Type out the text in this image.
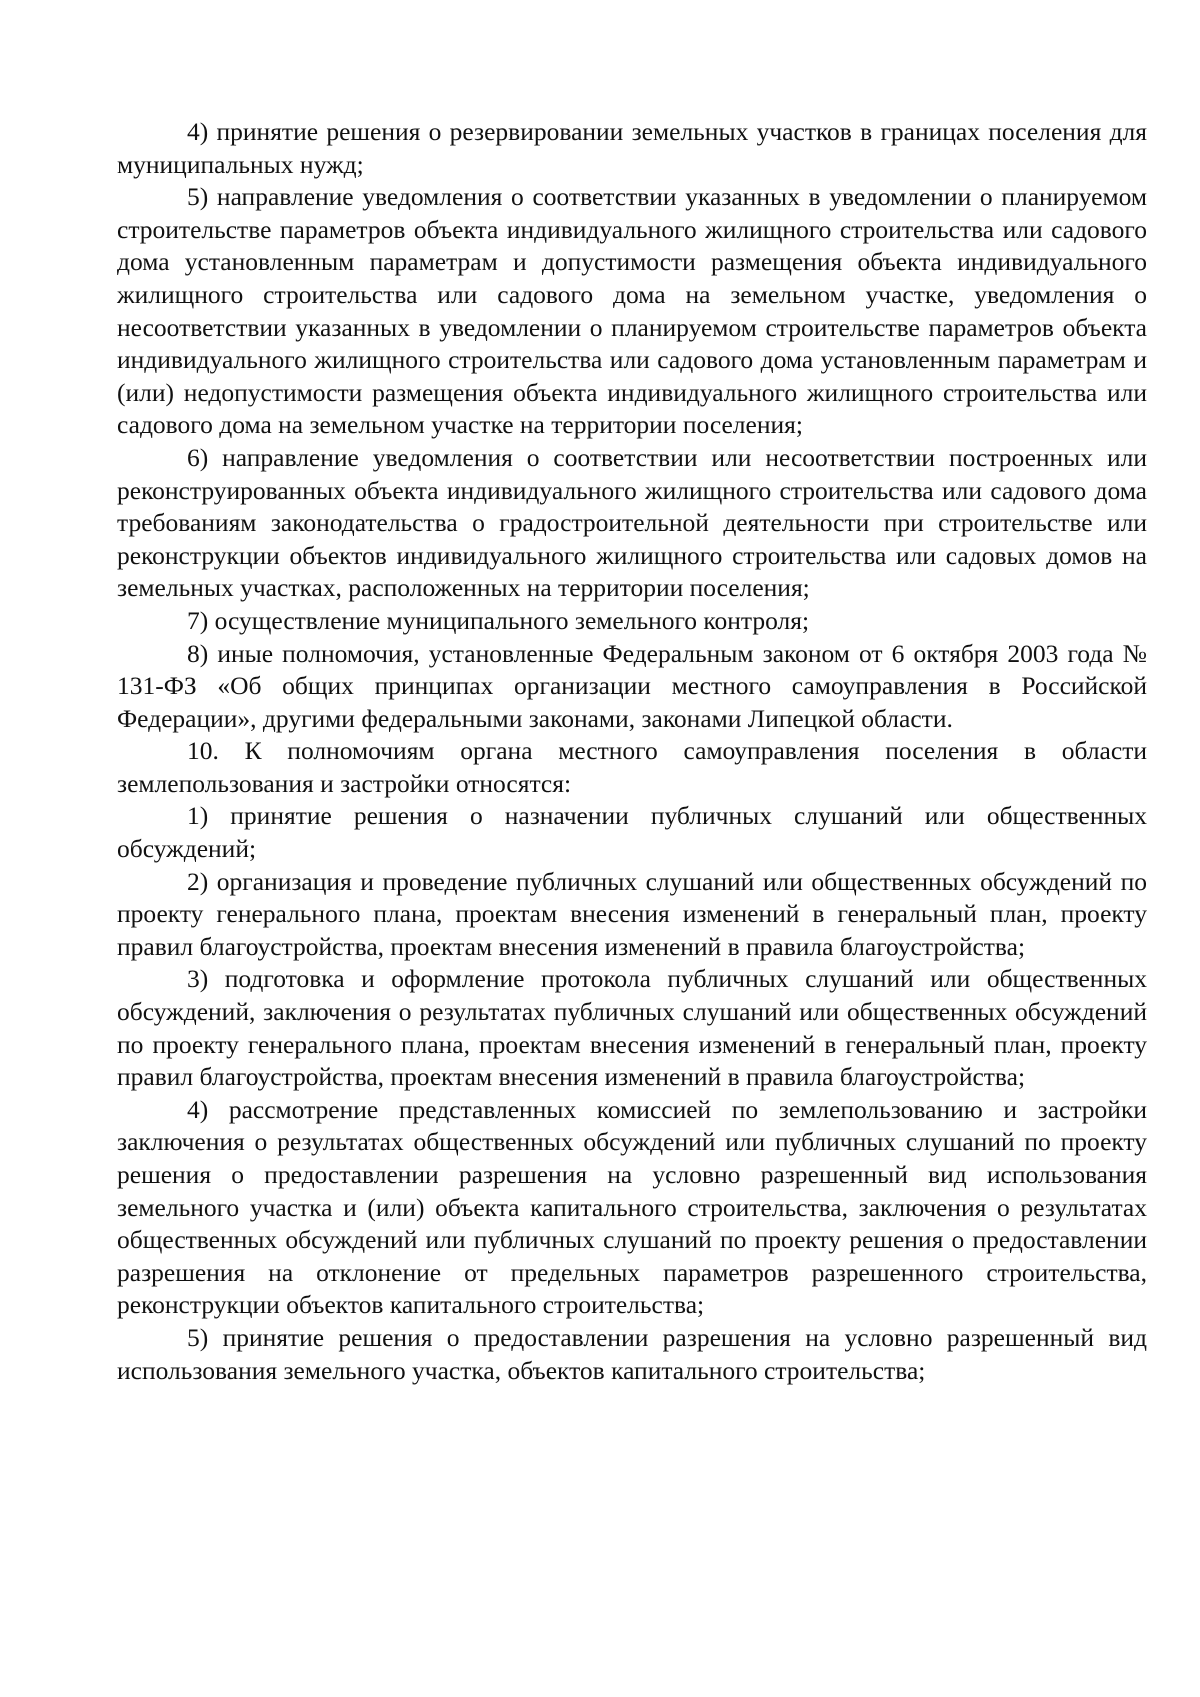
4) принятие решения о резервировании земельных участков в границах поселения для муниципальных нужд;

5) направление уведомления о соответствии указанных в уведомлении о планируемом строительстве параметров объекта индивидуального жилищного строительства или садового дома установленным параметрам и допустимости размещения объекта индивидуального жилищного строительства или садового дома на земельном участке, уведомления о несоответствии указанных в уведомлении о планируемом строительстве параметров объекта индивидуального жилищного строительства или садового дома установленным параметрам и (или) недопустимости размещения объекта индивидуального жилищного строительства или садового дома на земельном участке на территории поселения;

6) направление уведомления о соответствии или несоответствии построенных или реконструированных объекта индивидуального жилищного строительства или садового дома требованиям законодательства о градостроительной деятельности при строительстве или реконструкции объектов индивидуального жилищного строительства или садовых домов на земельных участках, расположенных на территории поселения;

7) осуществление муниципального земельного контроля;

8) иные полномочия, установленные Федеральным законом от 6 октября 2003 года № 131-ФЗ «Об общих принципах организации местного самоуправления в Российской Федерации», другими федеральными законами, законами Липецкой области.

10. К полномочиям органа местного самоуправления поселения в области землепользования и застройки относятся:

1) принятие решения о назначении публичных слушаний или общественных обсуждений;

2) организация и проведение публичных слушаний или общественных обсуждений по проекту генерального плана, проектам внесения изменений в генеральный план, проекту правил благоустройства, проектам внесения изменений в правила благоустройства;

3) подготовка и оформление протокола публичных слушаний или общественных обсуждений, заключения о результатах публичных слушаний или общественных обсуждений по проекту генерального плана, проектам внесения изменений в генеральный план, проекту правил благоустройства, проектам внесения изменений в правила благоустройства;

4) рассмотрение представленных комиссией по землепользованию и застройки заключения о результатах общественных обсуждений или публичных слушаний по проекту решения о предоставлении разрешения на условно разрешенный вид использования земельного участка и (или) объекта капитального строительства, заключения о результатах общественных обсуждений или публичных слушаний по проекту решения о предоставлении разрешения на отклонение от предельных параметров разрешенного строительства, реконструкции объектов капитального строительства;

5) принятие решения о предоставлении разрешения на условно разрешенный вид использования земельного участка, объектов капитального строительства;
